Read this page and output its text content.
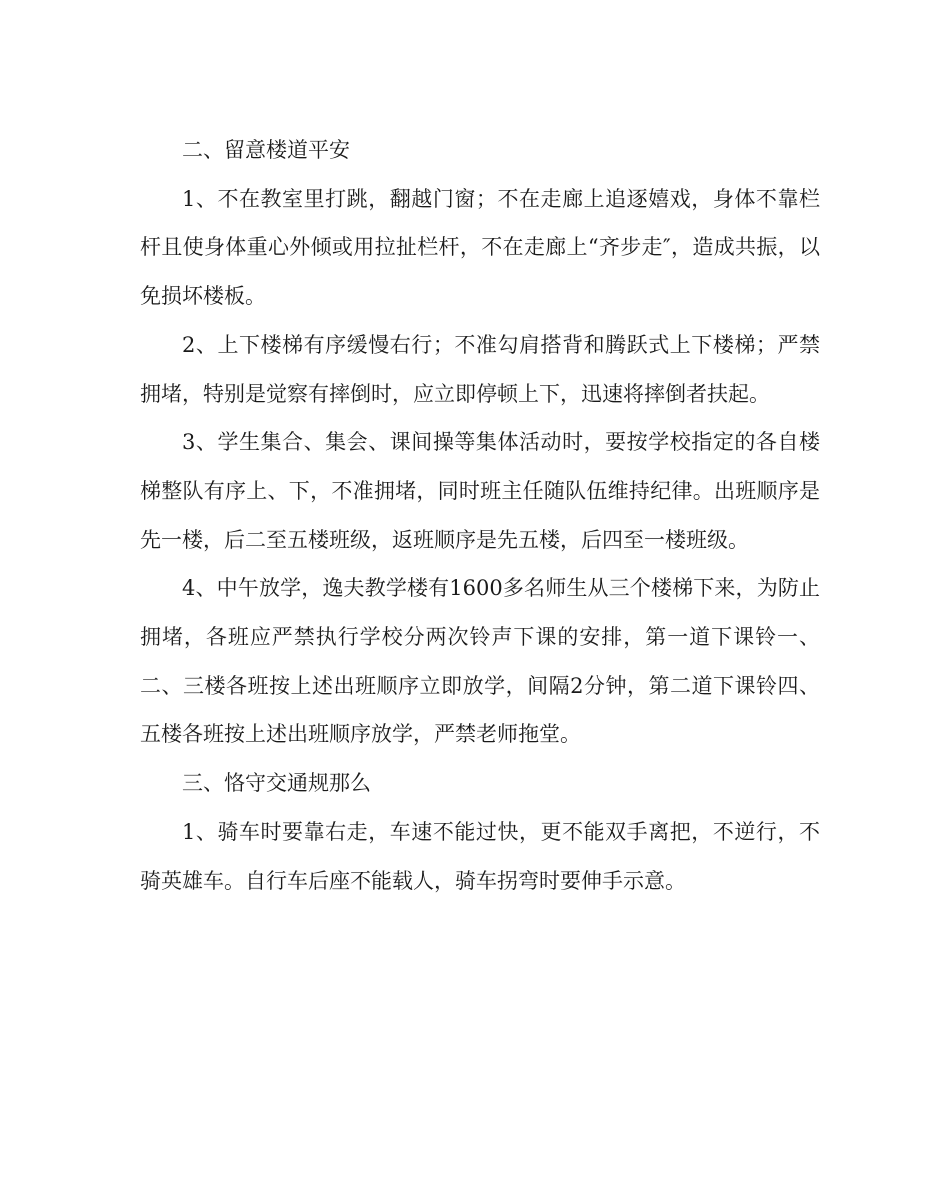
二、留意楼道平安

1、不在教室里打跳，翻越门窗；不在走廊上追逐嬉戏，身体不靠栏杆且使身体重心外倾或用拉扯栏杆，不在走廊上“齐步走″，造成共振，以免损坏楼板。

2、上下楼梯有序缓慢右行；不准勾肩搭背和腾跃式上下楼梯；严禁拥堵，特别是觉察有摔倒时，应立即停顿上下，迅速将摔倒者扶起。

3、学生集合、集会、课间操等集体活动时，要按学校指定的各自楼梯整队有序上、下，不准拥堵，同时班主任随队伍维持纪律。出班顺序是先一楼，后二至五楼班级，返班顺序是先五楼，后四至一楼班级。

4、中午放学，逸夫教学楼有1600多名师生从三个楼梯下来，为防止拥堵，各班应严禁执行学校分两次铃声下课的安排，第一道下课铃一、二、三楼各班按上述出班顺序立即放学，间隔2分钟，第二道下课铃四、五楼各班按上述出班顺序放学，严禁老师拖堂。

三、恪守交通规那么

1、骑车时要靠右走，车速不能过快，更不能双手离把，不逆行，不骑英雄车。自行车后座不能载人，骑车拐弯时要伸手示意。
